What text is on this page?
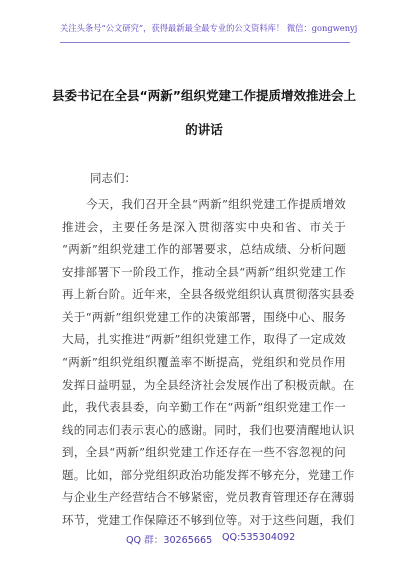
关注头条号“公文研究”，获得最新最全最专业的公文资料库！ 微信：gongwenyj
县委书记在全县“两新”组织党建工作提质增效推进会上
的讲话
同志们：
今天，我们召开全县“两新”组织党建工作提质增效
推进会，主要任务是深入贯彻落实中央和省、市关于
“两新”组织党建工作的部署要求，总结成绩、分析问题
安排部署下一阶段工作，推动全县“两新”组织党建工作
再上新台阶。近年来，全县各级党组织认真贯彻落实县委
关于“两新”组织党建工作的决策部署，围绕中心、服务
大局，扎实推进“两新”组织党建工作，取得了一定成效
“两新”组织党组织覆盖率不断提高，党组织和党员作用
发挥日益明显，为全县经济社会发展作出了积极贡献。在
此，我代表县委，向辛勤工作在“两新”组织党建工作一
线的同志们表示衷心的感谢。同时，我们也要清醒地认识
到，全县“两新”组织党建工作还存在一些不容忽视的问
题。比如，部分党组织政治功能发挥不够充分，党建工作
与企业生产经营结合不够紧密，党员教育管理还存在薄弱
环节，党建工作保障还不够到位等。对于这些问题，我们
QQ 群：30265665 QQ:535304092
